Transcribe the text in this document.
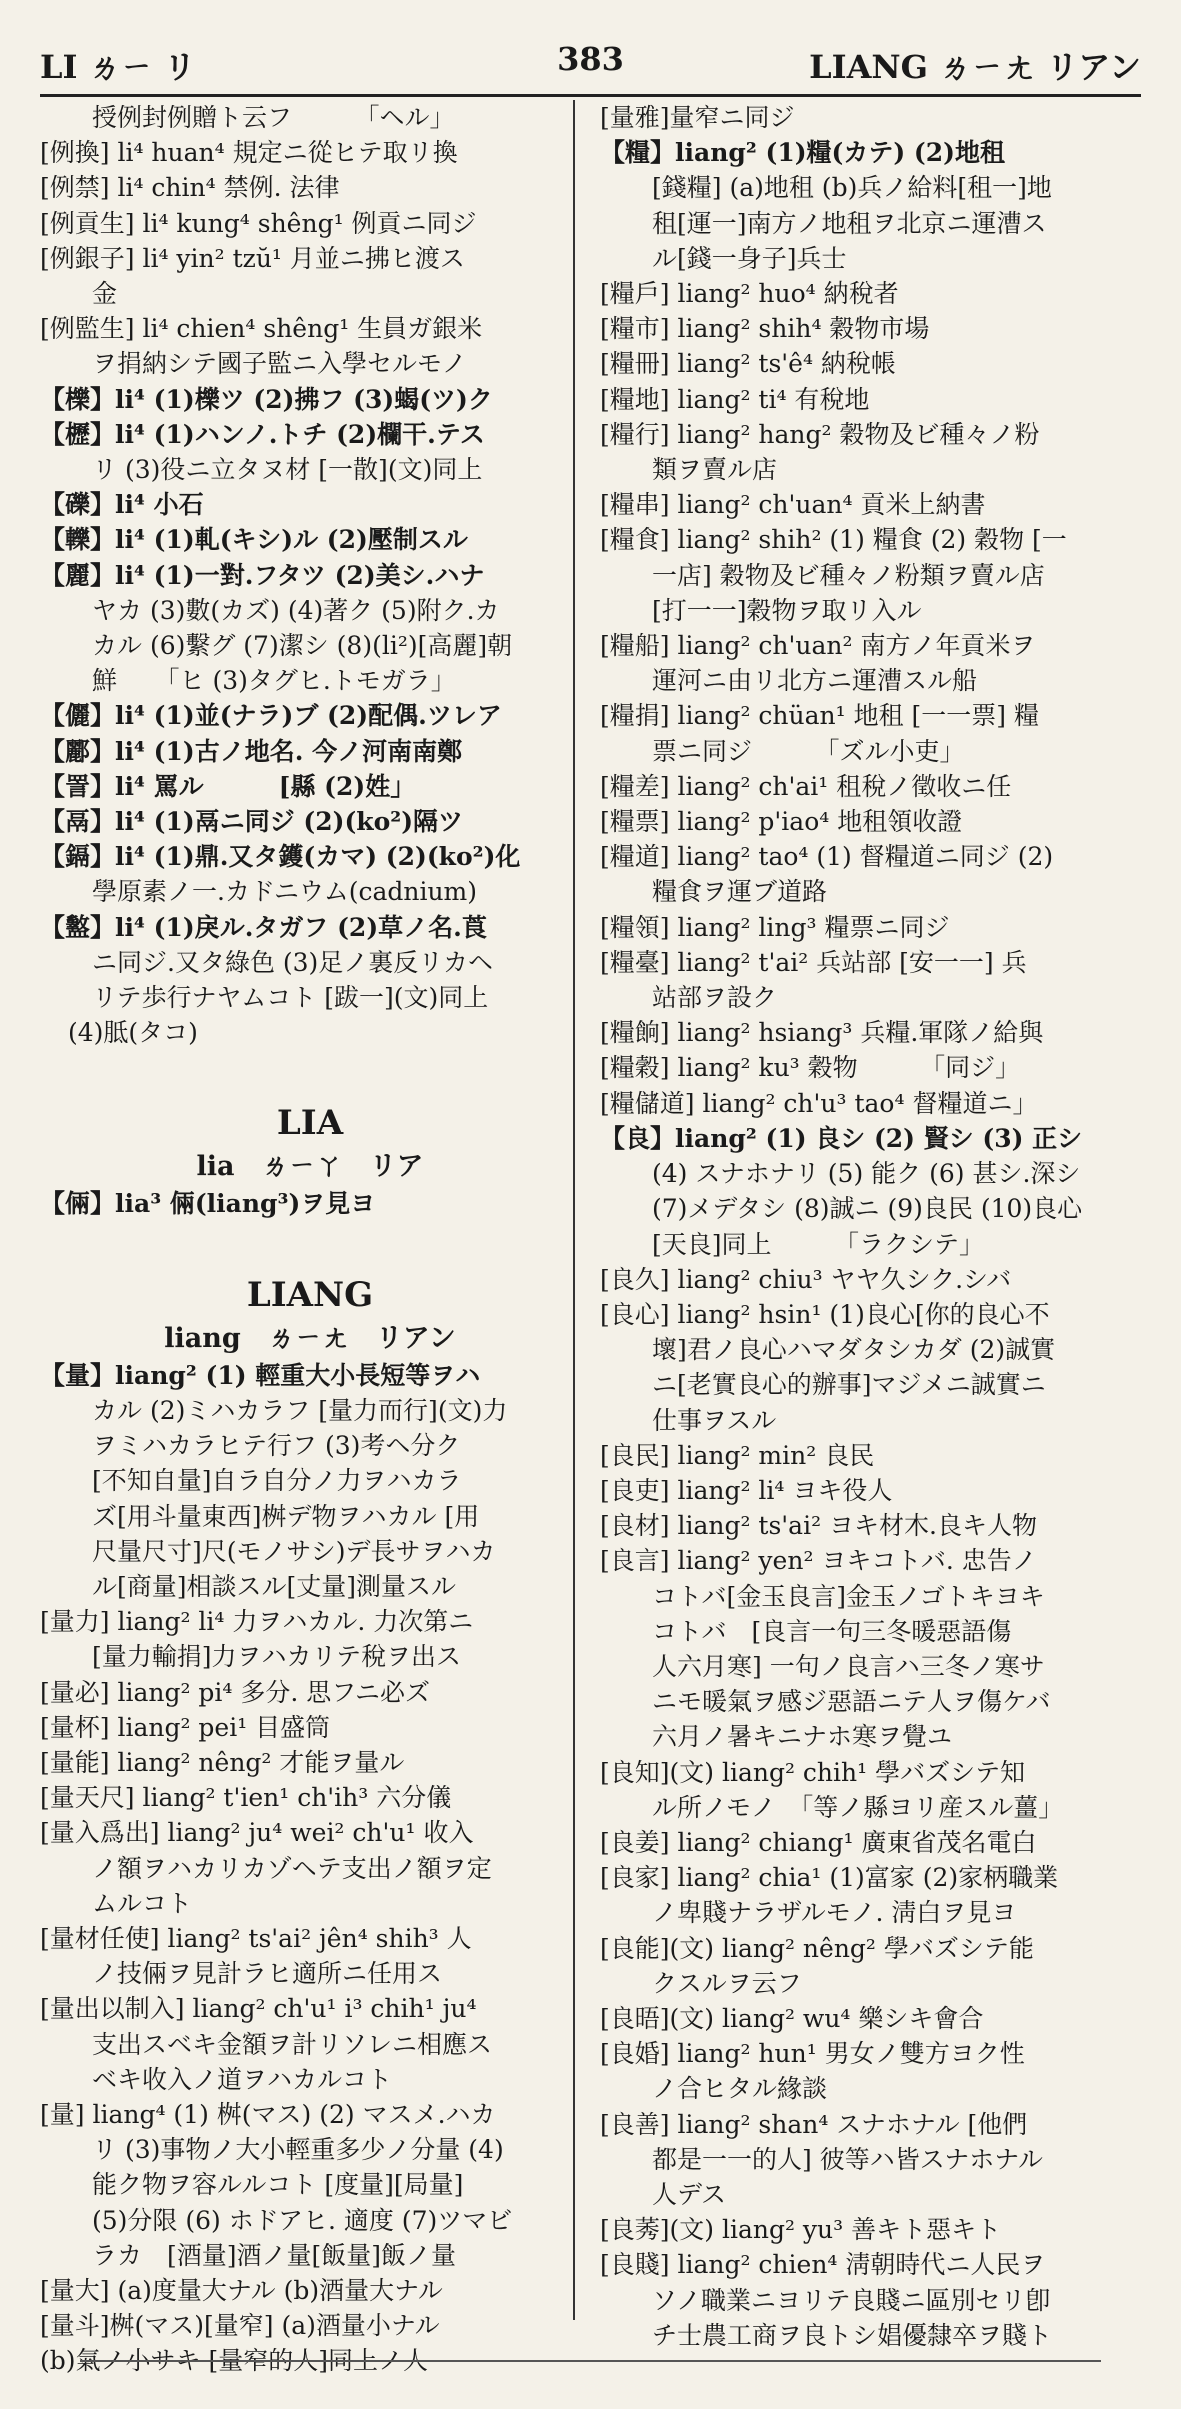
LI ㄌㄧ リ	383	LIANG ㄌㄧㄤ リアン
授例封例贈ト云フ　　　「ヘル」
[例換] li⁴ huan⁴ 規定ニ從ヒテ取リ換
[例禁] li⁴ chin⁴ 禁例. 法律
[例貢生] li⁴ kung⁴ shêng¹ 例貢ニ同ジ
[例銀子] li⁴ yin² tzŭ¹ 月並ニ拂ヒ渡ス
金
[例監生] li⁴ chien⁴ shêng¹ 生員ガ銀米
ヲ捐納シテ國子監ニ入學セルモノ
【櫟】li⁴ (1)櫟ツ (2)拂フ (3)蝎(ツ)ク
【櫪】li⁴ (1)ハンノ.トチ (2)欄干.テス
リ (3)役ニ立タヌ材 [一散](文)同上
【礫】li⁴ 小石
【轢】li⁴ (1)軋(キシ)ル (2)壓制スル
【麗】li⁴ (1)一對.フタツ (2)美シ.ハナ
ヤカ (3)數(カズ) (4)著ク (5)附ク.カ
カル (6)繫グ (7)潔シ (8)(li²)[高麗]朝
鮮　　「ヒ (3)タグヒ.トモガラ」
【儷】li⁴ (1)並(ナラ)ブ (2)配偶.ツレア
【酈】li⁴ (1)古ノ地名. 今ノ河南南鄭
【詈】li⁴ 罵ル　　　[縣 (2)姓」
【鬲】li⁴ (1)鬲ニ同ジ (2)(ko²)隔ツ
【鎘】li⁴ (1)鼎.又タ鑊(カマ) (2)(ko²)化
學原素ノ一.カドニウム(cadnium)
【盭】li⁴ (1)戾ル.タガフ (2)草ノ名.莨
ニ同ジ.又タ綠色 (3)足ノ裏反リカヘ
リテ歩行ナヤムコト [跋一](文)同上
(4)胝(タコ)
LIA
lia　ㄌㄧㄚ　リア
【倆】lia³ 倆(liang³)ヲ見ヨ
LIANG
liang　ㄌㄧㄤ　リアン
【量】liang² (1) 輕重大小長短等ヲハ
カル (2)ミハカラフ [量力而行](文)力
ヲミハカラヒテ行フ (3)考ヘ分ク
[不知自量]自ラ自分ノ力ヲハカラ
ズ[用斗量東西]桝デ物ヲハカル [用
尺量尺寸]尺(モノサシ)デ長サヲハカ
ル[商量]相談スル[丈量]測量スル
[量力] liang² li⁴ 力ヲハカル. 力次第ニ
[量力輸捐]力ヲハカリテ稅ヲ出ス
[量必] liang² pi⁴ 多分. 思フニ必ズ
[量杯] liang² pei¹ 目盛筒
[量能] liang² nêng² 才能ヲ量ル
[量天尺] liang² t'ien¹ ch'ih³ 六分儀
[量入爲出] liang² ju⁴ wei² ch'u¹ 收入
ノ額ヲハカリカゾヘテ支出ノ額ヲ定
ムルコト
[量材任使] liang² ts'ai² jên⁴ shih³ 人
ノ技倆ヲ見計ラヒ適所ニ任用ス
[量出以制入] liang² ch'u¹ i³ chih¹ ju⁴
支出スベキ金額ヲ計リソレニ相應ス
ベキ收入ノ道ヲハカルコト
[量] liang⁴ (1) 桝(マス) (2) マスメ.ハカ
リ (3)事物ノ大小輕重多少ノ分量 (4)
能ク物ヲ容ルルコト [度量][局量]
(5)分限 (6) ホドアヒ. 適度 (7)ツマビ
ラカ　[酒量]酒ノ量[飯量]飯ノ量
[量大] (a)度量大ナル (b)酒量大ナル
[量斗]桝(マス)[量窄] (a)酒量小ナル
(b)氣ノ小サキ [量窄的人]同上ノ人
[量雅]量窄ニ同ジ
【糧】liang² (1)糧(カテ) (2)地租
[錢糧] (a)地租 (b)兵ノ給料[租一]地
租[運一]南方ノ地租ヲ北京ニ運漕ス
ル[錢一身子]兵士
[糧戶] liang² huo⁴ 納稅者
[糧市] liang² shih⁴ 穀物市場
[糧冊] liang² ts'ê⁴ 納稅帳
[糧地] liang² ti⁴ 有稅地
[糧行] liang² hang² 穀物及ビ種々ノ粉
類ヲ賣ル店
[糧串] liang² ch'uan⁴ 貢米上納書
[糧食] liang² shih² (1) 糧食 (2) 穀物 [一
一店] 穀物及ビ種々ノ粉類ヲ賣ル店
[打一一]穀物ヲ取リ入ル
[糧船] liang² ch'uan² 南方ノ年貢米ヲ
運河ニ由リ北方ニ運漕スル船
[糧捐] liang² chüan¹ 地租 [一一票] 糧
票ニ同ジ　　　「ズル小吏」
[糧差] liang² ch'ai¹ 租稅ノ徵收ニ任
[糧票] liang² p'iao⁴ 地租領收證
[糧道] liang² tao⁴ (1) 督糧道ニ同ジ (2)
糧食ヲ運ブ道路
[糧領] liang² ling³ 糧票ニ同ジ
[糧臺] liang² t'ai² 兵站部 [安一一] 兵
站部ヲ設ク
[糧餉] liang² hsiang³ 兵糧.軍隊ノ給與
[糧穀] liang² ku³ 穀物　　　「同ジ」
[糧儲道] liang² ch'u³ tao⁴ 督糧道ニ」
【良】liang² (1) 良シ (2) 賢シ (3) 正シ
(4) スナホナリ (5) 能ク (6) 甚シ.深シ
(7)メデタシ (8)誠ニ (9)良民 (10)良心
[天良]同上　　　「ラクシテ」
[良久] liang² chiu³ ヤヤ久シク.シバ
[良心] liang² hsin¹ (1)良心[你的良心不
壞]君ノ良心ハマダタシカダ (2)誠實
ニ[老實良心的辦事]マジメニ誠實ニ
仕事ヲスル
[良民] liang² min² 良民
[良吏] liang² li⁴ ヨキ役人
[良材] liang² ts'ai² ヨキ材木.良キ人物
[良言] liang² yen² ヨキコトバ. 忠告ノ
コトバ[金玉良言]金玉ノゴトキヨキ
コトバ　[良言一句三冬暖惡語傷
人六月寒] 一句ノ良言ハ三冬ノ寒サ
ニモ暖氣ヲ感ジ惡語ニテ人ヲ傷ケバ
六月ノ暑キニナホ寒ヲ覺ユ
[良知](文) liang² chih¹ 學バズシテ知
ル所ノモノ　「等ノ縣ヨリ産スル薑」
[良姜] liang² chiang¹ 廣東省茂名電白
[良家] liang² chia¹ (1)富家 (2)家柄職業
ノ卑賤ナラザルモノ. 淸白ヲ見ヨ
[良能](文) liang² nêng² 學バズシテ能
クスルヲ云フ
[良晤](文) liang² wu⁴ 樂シキ會合
[良婚] liang² hun¹ 男女ノ雙方ヨク性
ノ合ヒタル緣談
[良善] liang² shan⁴ スナホナル [他們
都是一一的人] 彼等ハ皆スナホナル
人デス
[良莠](文) liang² yu³ 善キト惡キト
[良賤] liang² chien⁴ 淸朝時代ニ人民ヲ
ソノ職業ニヨリテ良賤ニ區別セリ卽
チ士農工商ヲ良トシ娼優隸卒ヲ賤ト
